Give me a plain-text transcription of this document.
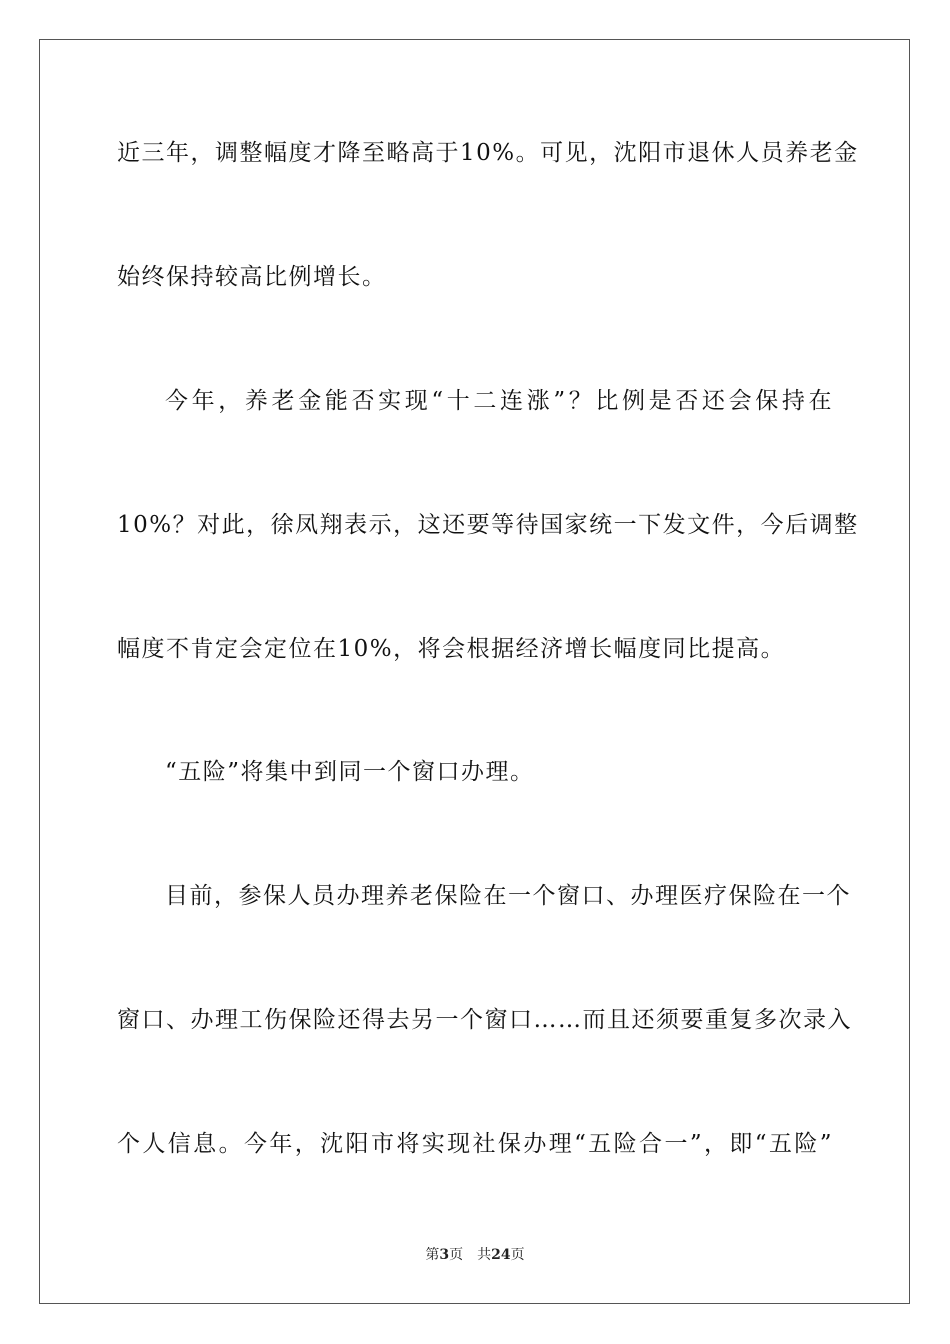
近三年，调整幅度才降至略高于10%。可见，沈阳市退休人员养老金
始终保持较高比例增长。
今年，养老金能否实现“十二连涨”？比例是否还会保持在
10%？对此，徐凤翔表示，这还要等待国家统一下发文件，今后调整
幅度不肯定会定位在10%，将会根据经济增长幅度同比提高。
“五险”将集中到同一个窗口办理。
目前，参保人员办理养老保险在一个窗口、办理医疗保险在一个
窗口、办理工伤保险还得去另一个窗口……而且还须要重复多次录入
个人信息。今年，沈阳市将实现社保办理“五险合一”，即“五险”
第3页 共24页
